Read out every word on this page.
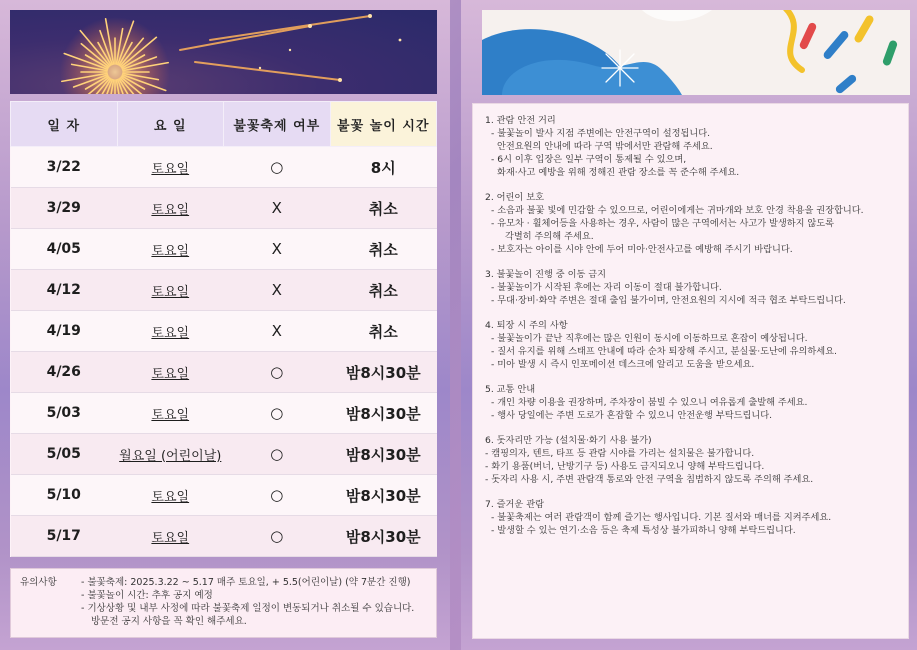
일 자	요 일	불꽃축제 여부	불꽃 놀이 시간
3/22	토요일	○	8시
3/29	토요일	X	취소
4/05	토요일	X	취소
4/12	토요일	X	취소
4/19	토요일	X	취소
4/26	토요일	○	밤8시30분
5/03	토요일	○	밤8시30분
5/05	월요일 (어린이날)	○	밤8시30분
5/10	토요일	○	밤8시30분
5/17	토요일	○	밤8시30분
유의사항	- 불꽃축제: 2025.3.22 ~ 5.17 매주 토요일, + 5.5(어린이날) (약 7분간 진행)
- 불꽃놀이 시간: 추후 공지 예정
- 기상상황 및 내부 사정에 따라 불꽃축제 일정이 변동되거나 취소될 수 있습니다.
방문전 공지 사항을 꼭 확인 해주세요.
1. 관람 안전 거리
- 불꽃놀이 발사 지점 주변에는 안전구역이 설정됩니다.
안전요원의 안내에 따라 구역 밖에서만 관람해 주세요.
- 6시 이후 입장은 일부 구역이 통제될 수 있으며,
화재·사고 예방을 위해 정해진 관람 장소를 꼭 준수해 주세요.
2. 어린이 보호
- 소음과 불꽃 빛에 민감할 수 있으므로, 어린이에게는 귀마개와 보호 안경 착용을 권장합니다.
- 유모차 · 휠체어등을 사용하는 경우, 사람이 많은 구역에서는 사고가 발생하지 않도록
각별히 주의해 주세요.
- 보호자는 아이를 시야 안에 두어 미아·안전사고를 예방해 주시기 바랍니다.
3. 불꽃놀이 진행 중 이동 금지
- 불꽃놀이가 시작된 후에는 자리 이동이 절대 불가합니다.
- 무대·장비·화약 주변은 절대 출입 불가이며, 안전요원의 지시에 적극 협조 부탁드립니다.
4. 퇴장 시 주의 사항
- 불꽃놀이가 끝난 직후에는 많은 인원이 동시에 이동하므로 혼잡이 예상됩니다.
- 질서 유지를 위해 스태프 안내에 따라 순차 퇴장해 주시고, 분실물·도난에 유의하세요.
- 미아 발생 시 즉시 인포메이션 데스크에 알리고 도움을 받으세요.
5. 교통 안내
- 개인 차량 이용을 권장하며, 주차장이 붐빌 수 있으니 여유롭게 출발해 주세요.
- 행사 당일에는 주변 도로가 혼잡할 수 있으니 안전운행 부탁드립니다.
6. 돗자리만 가능 (설치물·화기 사용 불가)
- 캠핑의자, 텐트, 타프 등 관람 시야를 가리는 설치물은 불가합니다.
- 화기 용품(버너, 난방기구 등) 사용도 금지되오니 양해 부탁드립니다.
- 돗자리 사용 시, 주변 관람객 통로와 안전 구역을 침범하지 않도록 주의해 주세요.
7. 즐거운 관람
- 불꽃축제는 여러 관람객이 함께 즐기는 행사입니다. 기본 질서와 매너를 지켜주세요.
- 발생할 수 있는 연기·소음 등은 축제 특성상 불가피하니 양해 부탁드립니다.
